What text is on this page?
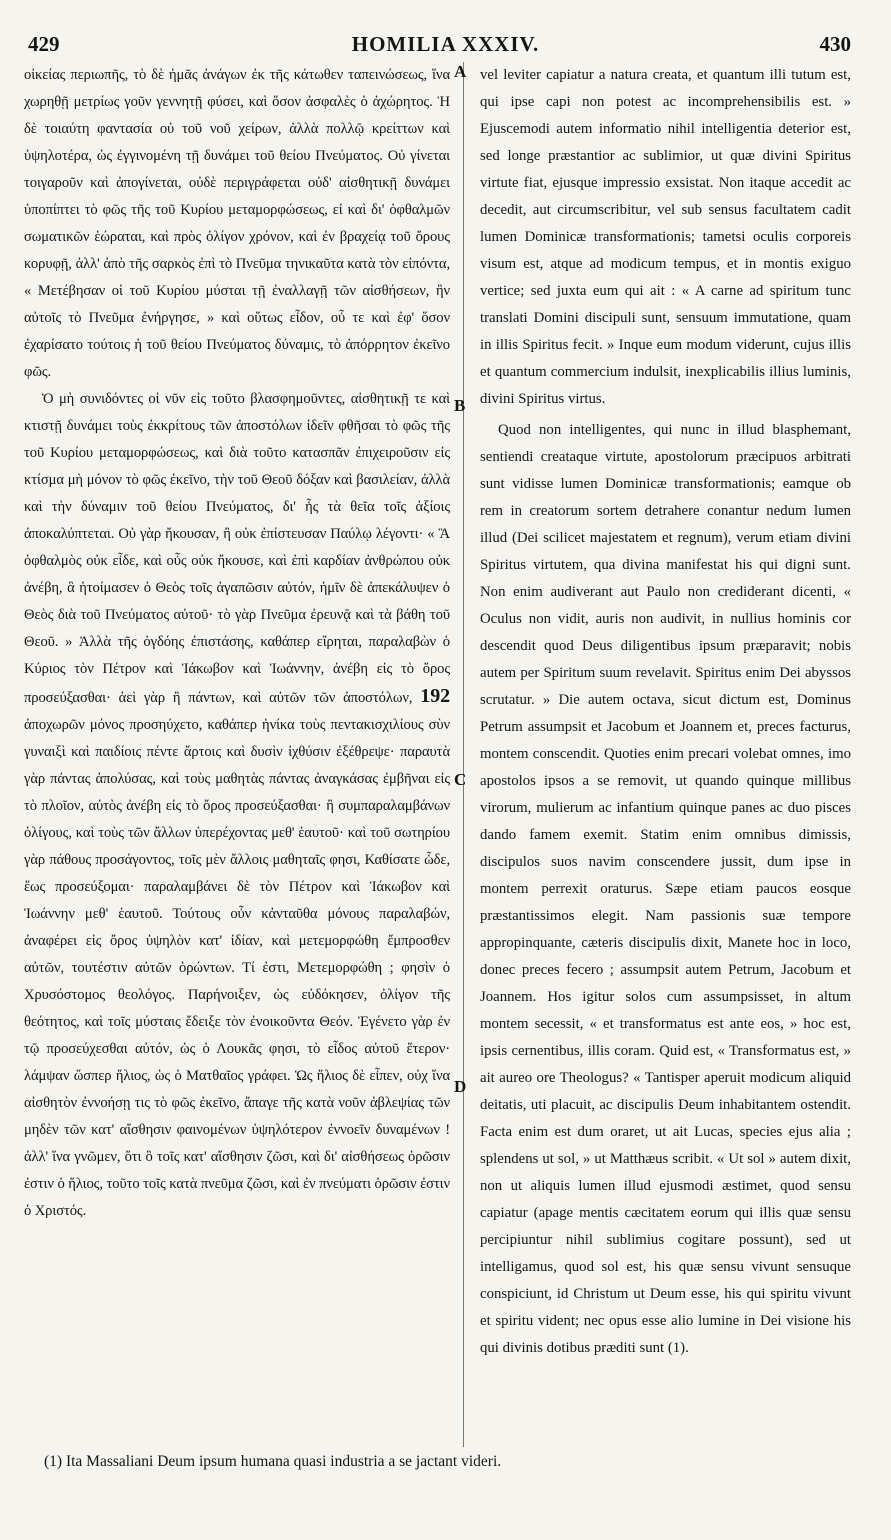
429	HOMILIA XXXIV.	430

οἰκείας περιωπῆς, τὸ δὲ ἡμᾶς ἀνάγων ἐκ τῆς κάτωθεν ταπεινώσεως, ἵνα χωρηθῇ μετρίως γοῦν γεννητῇ φύσει, καὶ ὅσον ἀσφαλὲς ὁ ἀχώρητος. Ἡ δὲ τοιαύτη φαντασία οὐ τοῦ νοῦ χείρων, ἀλλὰ πολλῷ κρείττων καὶ ὑψηλοτέρα, ὡς ἐγγινομένη τῇ δυνάμει τοῦ θείου Πνεύματος. Οὐ γίνεται τοιγαροῦν καὶ ἀπογίνεται, οὐδὲ περιγράφεται οὐδ' αἰσθητικῇ δυνάμει ὑποπίπτει τὸ φῶς τῆς τοῦ Κυρίου μεταμορφώσεως, εἰ καὶ δι' ὀφθαλμῶν σωματικῶν ἑώραται, καὶ πρὸς ὀλίγον χρόνον, καὶ ἐν βραχείᾳ τοῦ ὄρους κορυφῇ, ἀλλ' ἀπὸ τῆς σαρκὸς ἐπὶ τὸ Πνεῦμα τηνικαῦτα κατὰ τὸν εἰπόντα, « Μετέβησαν οἱ τοῦ Κυρίου μύσται τῇ ἐναλλαγῇ τῶν αἰσθήσεων, ἣν αὐτοῖς τὸ Πνεῦμα ἐνήργησε, » καὶ οὕτως εἶδον, οὗ τε καὶ ἐφ' ὅσον ἐχαρίσατο τούτοις ἡ τοῦ θείου Πνεύματος δύναμις, τὸ ἀπόρρητον ἐκεῖνο φῶς.

Ὁ μὴ συνιδόντες οἱ νῦν εἰς τοῦτο βλασφημοῦντες, αἰσθητικῇ τε καὶ κτιστῇ δυνάμει τοὺς ἐκκρίτους τῶν ἀποστόλων ἰδεῖν φθῆσαι τὸ φῶς τῆς τοῦ Κυρίου μεταμορφώσεως, καὶ διὰ τοῦτο κατασπᾶν ἐπιχειροῦσιν εἰς κτίσμα μὴ μόνον τὸ φῶς ἐκεῖνο, τὴν τοῦ Θεοῦ δόξαν καὶ βασιλείαν, ἀλλὰ καὶ τὴν δύναμιν τοῦ θείου Πνεύματος, δι' ἧς τὰ θεῖα τοῖς ἀξίοις ἀποκαλύπτεται. Οὐ γὰρ ἤκουσαν, ἢ οὐκ ἐπίστευσαν Παύλῳ λέγοντι· « Ἃ ὀφθαλμὸς οὐκ εἶδε, καὶ οὖς οὐκ ἤκουσε, καὶ ἐπὶ καρδίαν ἀνθρώπου οὐκ ἀνέβη, ἃ ἡτοίμασεν ὁ Θεὸς τοῖς ἀγαπῶσιν αὐτόν, ἡμῖν δὲ ἀπεκάλυψεν ὁ Θεὸς διὰ τοῦ Πνεύματος αὐτοῦ· τὸ γὰρ Πνεῦμα ἐρευνᾷ καὶ τὰ βάθη τοῦ Θεοῦ. » Ἀλλὰ τῆς ὀγδόης ἐπιστάσης, καθάπερ εἴρηται, παραλαβὼν ὁ Κύριος τὸν Πέτρον καὶ Ἰάκωβον καὶ Ἰωάννην, ἀνέβη εἰς τὸ ὄρος προσεύξασθαι· ἀεὶ γὰρ ἢ πάντων, καὶ αὐτῶν τῶν ἀποστόλων, 192 ἀποχωρῶν μόνος προσηύχετο, καθάπερ ἡνίκα τοὺς πεντακισχιλίους σὺν γυναιξὶ καὶ παιδίοις πέντε ἄρτοις καὶ δυσὶν ἰχθύσιν ἐξέθρεψε· παραυτὰ γὰρ πάντας ἀπολύσας, καὶ τοὺς μαθητὰς πάντας ἀναγκάσας ἐμβῆναι εἰς τὸ πλοῖον, αὐτὸς ἀνέβη εἰς τὸ ὄρος προσεύξασθαι· ἢ συμπαραλαμβάνων ὀλίγους, καὶ τοὺς τῶν ἄλλων ὑπερέχοντας μεθ' ἑαυτοῦ· καὶ τοῦ σωτηρίου γὰρ πάθους προσάγοντος, τοῖς μὲν ἄλλοις μαθηταῖς φησι, Καθίσατε ὧδε, ἕως προσεύξομαι· παραλαμβάνει δὲ τὸν Πέτρον καὶ Ἰάκωβον καὶ Ἰωάννην μεθ' ἑαυτοῦ. Τούτους οὖν κἀνταῦθα μόνους παραλαβών, ἀναφέρει εἰς ὄρος ὑψηλὸν κατ' ἰδίαν, καὶ μετεμορφώθη ἔμπροσθεν αὐτῶν, τουτέστιν αὐτῶν ὁρώντων. Τί ἐστι, Μετεμορφώθη ; φησὶν ὁ Χρυσόστομος θεολόγος. Παρήνοιξεν, ὡς εὐδόκησεν, ὀλίγον τῆς θεότητος, καὶ τοῖς μύσταις ἔδειξε τὸν ἐνοικοῦντα Θεόν. Ἐγένετο γὰρ ἐν τῷ προσεύχεσθαι αὐτόν, ὡς ὁ Λουκᾶς φησι, τὸ εἶδος αὐτοῦ ἕτερον· λάμψαν ὥσπερ ἥλιος, ὡς ὁ Ματθαῖος γράφει. Ὡς ἥλιος δὲ εἶπεν, οὐχ ἵνα αἰσθητὸν ἐννοήσῃ τις τὸ φῶς ἐκεῖνο, ἄπαγε τῆς κατὰ νοῦν ἀβλεψίας τῶν μηδὲν τῶν κατ' αἴσθησιν φαινομένων ὑψηλότερον ἐννοεῖν δυναμένων ! ἀλλ' ἵνα γνῶμεν, ὅτι ὃ τοῖς κατ' αἴσθησιν ζῶσι, καὶ δι' αἰσθήσεως ὁρῶσιν ἐστιν ὁ ἥλιος, τοῦτο τοῖς κατὰ πνεῦμα ζῶσι, καὶ ἐν πνεύματι ὁρῶσιν ἐστιν ὁ Χριστός.

A
B
C
D

vel leviter capiatur a natura creata, et quantum illi tutum est, qui ipse capi non potest ac incomprehensibilis est. » Ejuscemodi autem informatio nihil intelligentia deterior est, sed longe præstantior ac sublimior, ut quæ divini Spiritus virtute fiat, ejusque impressio exsistat. Non itaque accedit ac decedit, aut circumscribitur, vel sub sensus facultatem cadit lumen Dominicæ transformationis; tametsi oculis corporeis visum est, atque ad modicum tempus, et in montis exiguo vertice; sed juxta eum qui ait : « A carne ad spiritum tunc translati Domini discipuli sunt, sensuum immutatione, quam in illis Spiritus fecit. » Inque eum modum viderunt, cujus illis et quantum commercium indulsit, inexplicabilis illius luminis, divini Spiritus virtus.

Quod non intelligentes, qui nunc in illud blasphemant, sentiendi creataque virtute, apostolorum præcipuos arbitrati sunt vidisse lumen Dominicæ transformationis; eamque ob rem in creatorum sortem detrahere conantur nedum lumen illud (Dei scilicet majestatem et regnum), verum etiam divini Spiritus virtutem, qua divina manifestat his qui digni sunt. Non enim audiverant aut Paulo non crediderant dicenti, « Oculus non vidit, auris non audivit, in nullius hominis cor descendit quod Deus diligentibus ipsum præparavit; nobis autem per Spiritum suum revelavit. Spiritus enim Dei abyssos scrutatur. » Die autem octava, sicut dictum est, Dominus Petrum assumpsit et Jacobum et Joannem et, preces facturus, montem conscendit. Quoties enim precari volebat omnes, imo apostolos ipsos a se removit, ut quando quinque millibus virorum, mulierum ac infantium quinque panes ac duo pisces dando famem exemit. Statim enim omnibus dimissis, discipulos suos navim conscendere jussit, dum ipse in montem perrexit oraturus. Sæpe etiam paucos eosque præstantissimos elegit. Nam passionis suæ tempore appropinquante, cæteris discipulis dixit, Manete hoc in loco, donec preces fecero ; assumpsit autem Petrum, Jacobum et Joannem. Hos igitur solos cum assumpsisset, in altum montem secessit, « et transformatus est ante eos, » hoc est, ipsis cernentibus, illis coram. Quid est, « Transformatus est, » ait aureo ore Theologus? « Tantisper aperuit modicum aliquid deitatis, uti placuit, ac discipulis Deum inhabitantem ostendit. Facta enim est dum oraret, ut ait Lucas, species ejus alia ; splendens ut sol, » ut Matthæus scribit. « Ut sol » autem dixit, non ut aliquis lumen illud ejusmodi æstimet, quod sensu capiatur (apage mentis cæcitatem eorum qui illis quæ sensu percipiuntur nihil sublimius cogitare possunt), sed ut intelligamus, quod sol est, his quæ sensu vivunt sensuque conspiciunt, id Christum ut Deum esse, his qui spiritu vivunt et spiritu vident; nec opus esse alio lumine in Dei visione his qui divinis dotibus præditi sunt (1).

(1) Ita Massaliani Deum ipsum humana quasi industria a se jactant videri.
